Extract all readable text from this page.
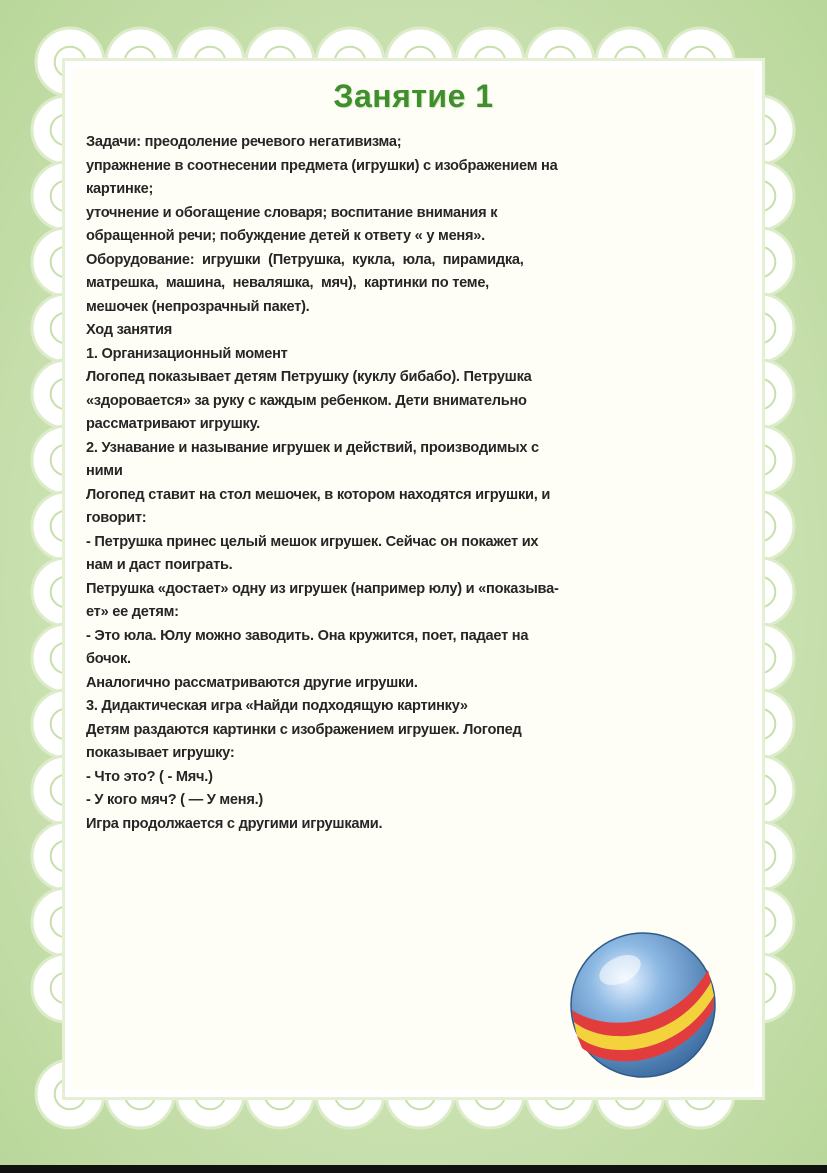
Занятие 1

Задачи: преодоление речевого негативизма;

упражнение в соотнесении предмета (игрушки) с изображением на

картинке;

уточнение и обогащение словаря; воспитание внимания к

обращенной речи; побуждение детей к ответу « у меня».

Оборудование:  игрушки  (Петрушка,  кукла,  юла,  пирамидка,

матрешка,  машина,  неваляшка,  мяч),  картинки по теме,

мешочек (непрозрачный пакет).

Ход занятия

1. Организационный момент

Логопед показывает детям Петрушку (куклу бибабо). Петрушка

«здоровается» за руку с каждым ребенком. Дети внимательно

рассматривают игрушку.

2. Узнавание и называние игрушек и действий, производимых с

ними

Логопед ставит на стол мешочек, в котором находятся игрушки, и

говорит:

- Петрушка принес целый мешок игрушек. Сейчас он покажет их

нам и даст поиграть.

Петрушка «достает» одну из игрушек (например юлу) и «показыва-

ет» ее детям:

- Это юла. Юлу можно заводить. Она кружится, поет, падает на

бочок.

Аналогично рассматриваются другие игрушки.

3. Дидактическая игра «Найди подходящую картинку»

Детям раздаются картинки с изображением игрушек. Логопед

показывает игрушку:

- Что это? ( - Мяч.)

- У кого мяч? ( — У меня.)

Игра продолжается с другими игрушками.
